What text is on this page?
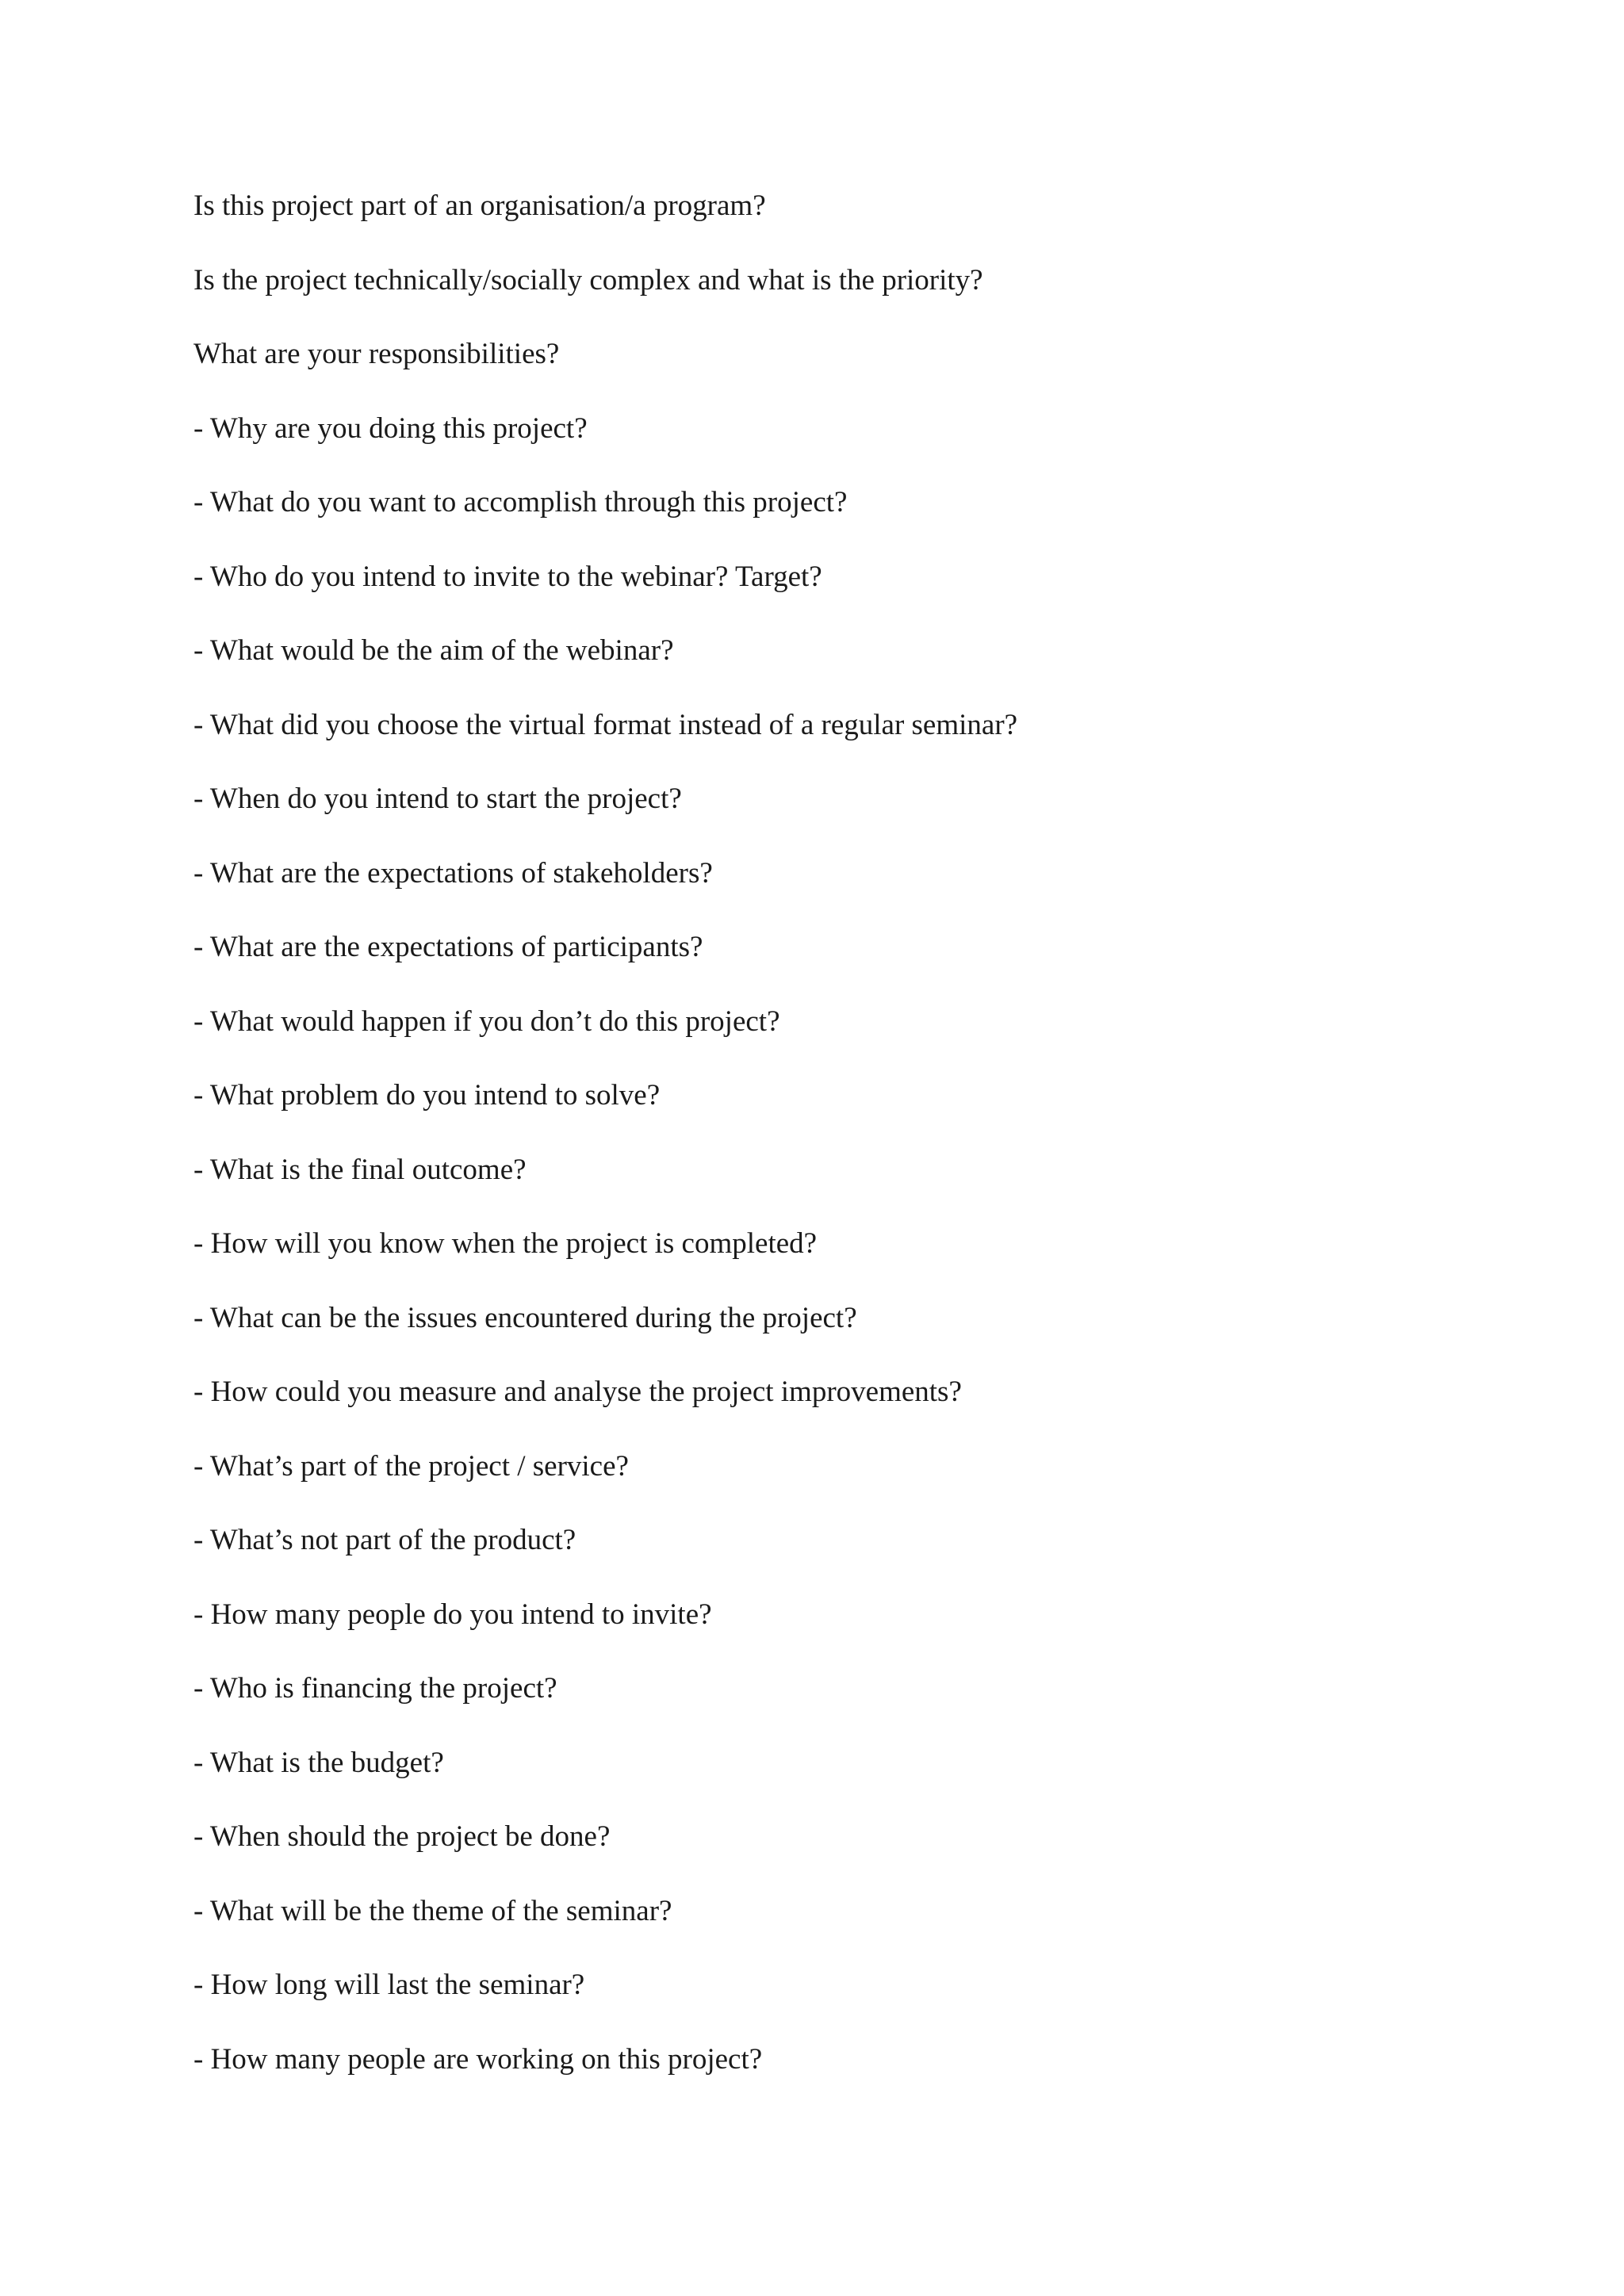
Is this project part of an organisation/a program?
Is the project technically/socially complex and what is the priority?
What are your responsibilities?
- Why are you doing this project?
- What do you want to accomplish through this project?
- Who do you intend to invite to the webinar? Target?
- What would be the aim of the webinar?
- What did you choose the virtual format instead of a regular seminar?
- When do you intend to start the project?
- What are the expectations of stakeholders?
- What are the expectations of participants?
- What would happen if you don’t do this project?
- What problem do you intend to solve?
- What is the final outcome?
- How will you know when the project is completed?
- What can be the issues encountered during the project?
- How could you measure and analyse the project improvements?
- What’s part of the project / service?
- What’s not part of the product?
- How many people do you intend to invite?
- Who is financing the project?
- What is the budget?
- When should the project be done?
- What will be the theme of the seminar?
- How long will last the seminar?
- How many people are working on this project?
